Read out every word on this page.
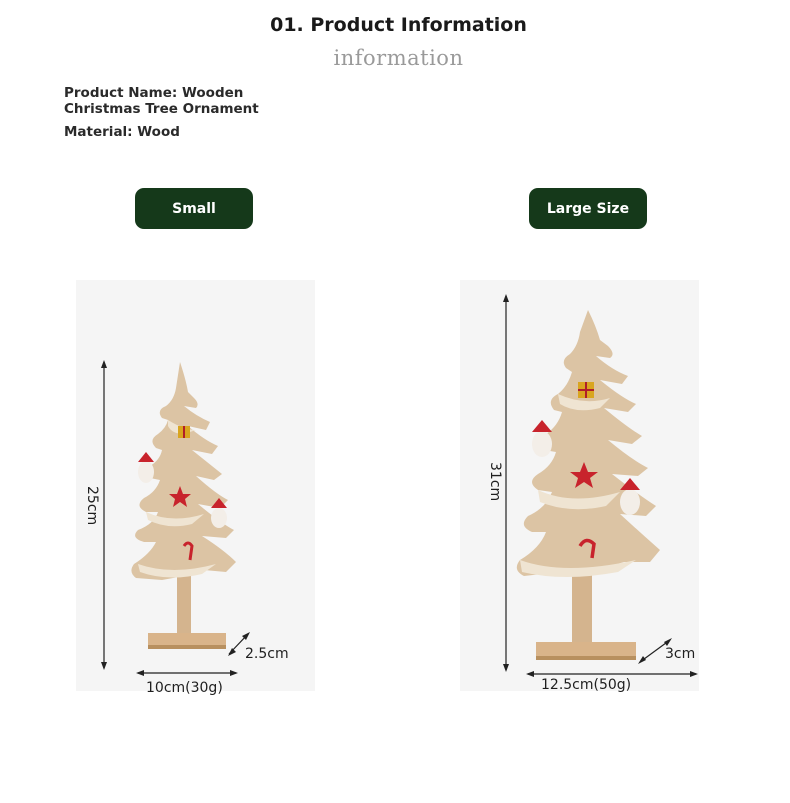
01. Product Information
information
Product Name: Wooden Christmas Tree Ornament
Material: Wood
Small	Large Size
25cm
2.5cm
10cm(30g)
31cm
3cm
12.5cm(50g)
